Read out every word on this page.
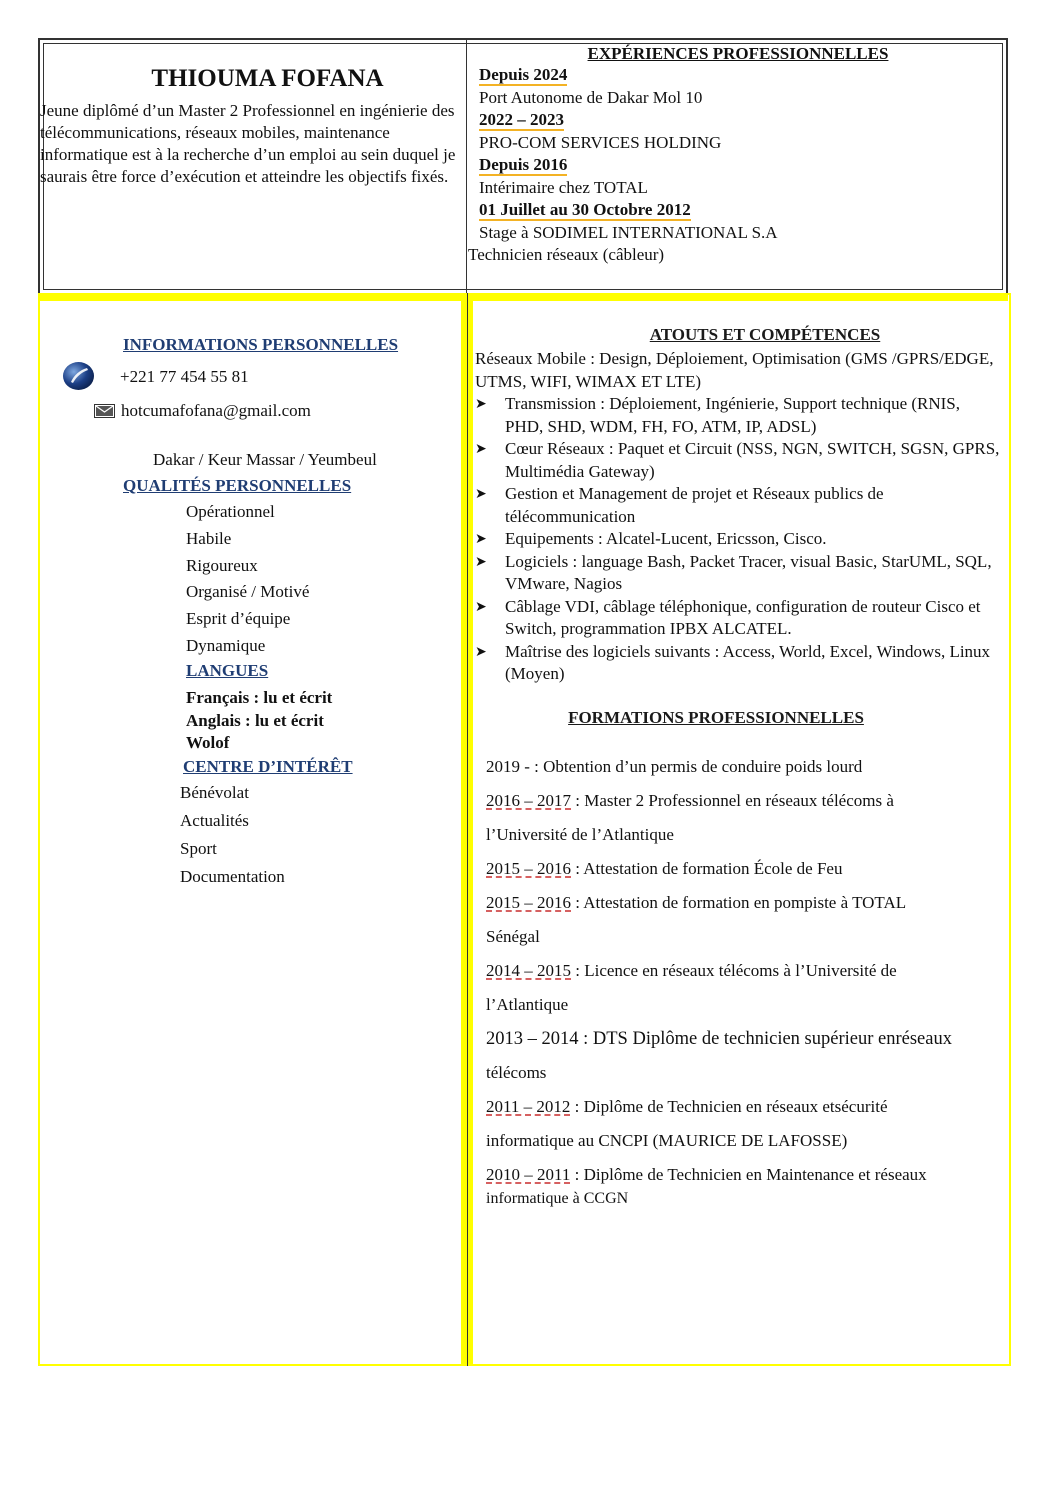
THIOUMA FOFANA
Jeune diplômé d’un Master 2 Professionnel en ingénierie des télécommunications, réseaux mobiles, maintenance informatique est à la recherche d’un emploi au sein duquel je saurais être force d’exécution et atteindre les objectifs fixés.
EXPÉRIENCES PROFESSIONNELLES
Depuis 2024
Port Autonome de Dakar Mol 10
2022 – 2023
PRO-COM SERVICES HOLDING
Depuis 2016
Intérimaire chez TOTAL
01 Juillet au 30 Octobre 2012
Stage à SODIMEL INTERNATIONAL S.A
Technicien réseaux (câbleur)
INFORMATIONS PERSONNELLES
+221 77 454 55 81
hotcumafofana@gmail.com
Dakar / Keur Massar / Yeumbeul
QUALITÉS PERSONNELLES
Opérationnel
Habile
Rigoureux
Organisé / Motivé
Esprit d’équipe
Dynamique
LANGUES
Français : lu et écrit
Anglais : lu et écrit
Wolof
CENTRE D’INTÉRÊT
Bénévolat
Actualités
Sport
Documentation
ATOUTS ET COMPÉTENCES
Réseaux Mobile : Design, Déploiement, Optimisation (GMS /GPRS/EDGE, UTMS, WIFI, WIMAX ET LTE)
➤ Transmission : Déploiement, Ingénierie, Support technique (RNIS, PHD, SHD, WDM, FH, FO, ATM, IP, ADSL)
➤ Cœur Réseaux : Paquet et Circuit (NSS, NGN, SWITCH, SGSN, GPRS, Multimédia Gateway)
➤ Gestion et Management de projet et Réseaux publics de télécommunication
➤ Equipements : Alcatel-Lucent, Ericsson, Cisco.
➤ Logiciels : language Bash, Packet Tracer, visual Basic, StarUML, SQL, VMware, Nagios
➤ Câblage VDI, câblage téléphonique, configuration de routeur Cisco et Switch, programmation IPBX ALCATEL.
➤ Maîtrise des logiciels suivants : Access, World, Excel, Windows, Linux (Moyen)
FORMATIONS PROFESSIONNELLES
2019 - : Obtention d’un permis de conduire poids lourd
2016 – 2017 : Master 2 Professionnel en réseaux télécoms à
l’Université de l’Atlantique
2015 – 2016 : Attestation de formation École de Feu
2015 – 2016 : Attestation de formation en pompiste à TOTAL
Sénégal
2014 – 2015 : Licence en réseaux télécoms à l’Université de
l’Atlantique
2013 – 2014 : DTS Diplôme de technicien supérieur enréseaux
télécoms
2011 – 2012 : Diplôme de Technicien en réseaux etsécurité
informatique au CNCPI (MAURICE DE LAFOSSE)
2010 – 2011 : Diplôme de Technicien en Maintenance et réseaux
informatique à CCGN
